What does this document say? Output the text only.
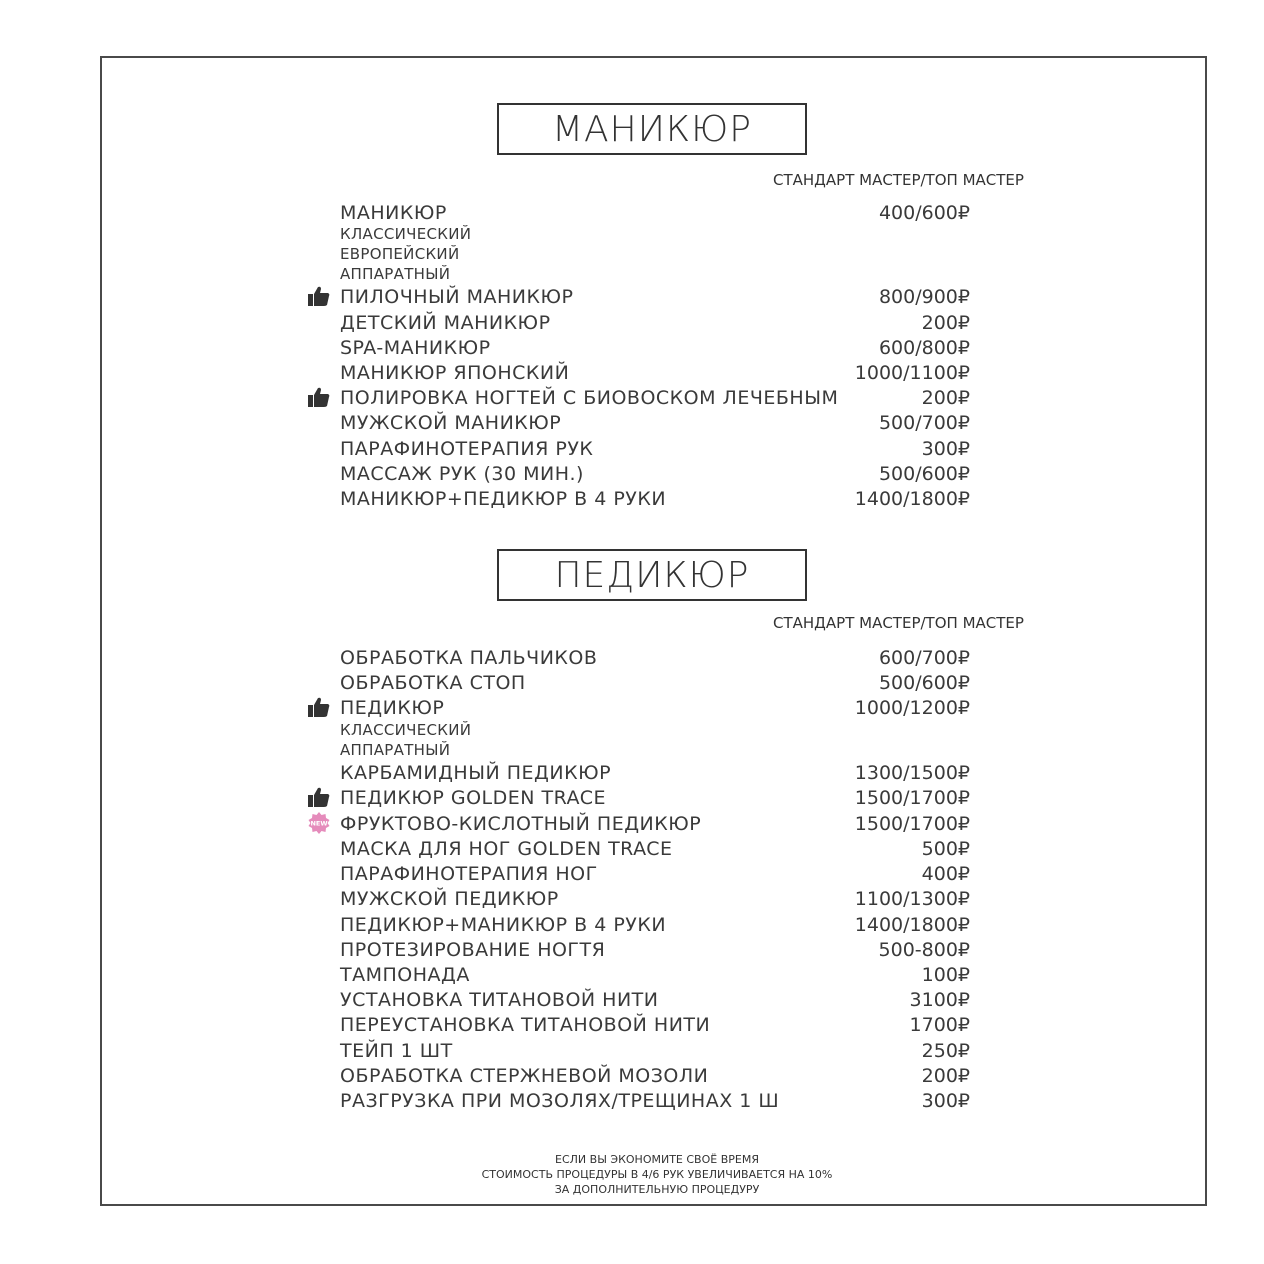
МАНИКЮР
СТАНДАРТ МАСТЕР/ТОП МАСТЕР
МАНИКЮР	400/600₽
КЛАССИЧЕСКИЙ
ЕВРОПЕЙСКИЙ
АППАРАТНЫЙ
ПИЛОЧНЫЙ МАНИКЮР	800/900₽
ДЕТСКИЙ МАНИКЮР	200₽
SPA-МАНИКЮР	600/800₽
МАНИКЮР ЯПОНСКИЙ	1000/1100₽
ПОЛИРОВКА НОГТЕЙ С БИОВОСКОМ ЛЕЧЕБНЫМ	200₽
МУЖСКОЙ МАНИКЮР	500/700₽
ПАРАФИНОТЕРАПИЯ РУК	300₽
МАССАЖ РУК (30 МИН.)	500/600₽
МАНИКЮР+ПЕДИКЮР В 4 РУКИ	1400/1800₽
ПЕДИКЮР
СТАНДАРТ МАСТЕР/ТОП МАСТЕР
ОБРАБОТКА ПАЛЬЧИКОВ	600/700₽
ОБРАБОТКА СТОП	500/600₽
ПЕДИКЮР	1000/1200₽
КЛАССИЧЕСКИЙ
АППАРАТНЫЙ
КАРБАМИДНЫЙ ПЕДИКЮР	1300/1500₽
ПЕДИКЮР GOLDEN TRACE	1500/1700₽
NEW ФРУКТОВО-КИСЛОТНЫЙ ПЕДИКЮР	1500/1700₽
МАСКА ДЛЯ НОГ GOLDEN TRACE	500₽
ПАРАФИНОТЕРАПИЯ НОГ	400₽
МУЖСКОЙ ПЕДИКЮР	1100/1300₽
ПЕДИКЮР+МАНИКЮР В 4 РУКИ	1400/1800₽
ПРОТЕЗИРОВАНИЕ НОГТЯ	500-800₽
ТАМПОНАДА	100₽
УСТАНОВКА ТИТАНОВОЙ НИТИ	3100₽
ПЕРЕУСТАНОВКА ТИТАНОВОЙ НИТИ	1700₽
ТЕЙП 1 ШТ	250₽
ОБРАБОТКА СТЕРЖНЕВОЙ МОЗОЛИ	200₽
РАЗГРУЗКА ПРИ МОЗОЛЯХ/ТРЕЩИНАХ 1 Ш	300₽
ЕСЛИ ВЫ ЭКОНОМИТЕ СВОЁ ВРЕМЯ
СТОИМОСТЬ ПРОЦЕДУРЫ В 4/6 РУК УВЕЛИЧИВАЕТСЯ НА 10%
ЗА ДОПОЛНИТЕЛЬНУЮ ПРОЦЕДУРУ
